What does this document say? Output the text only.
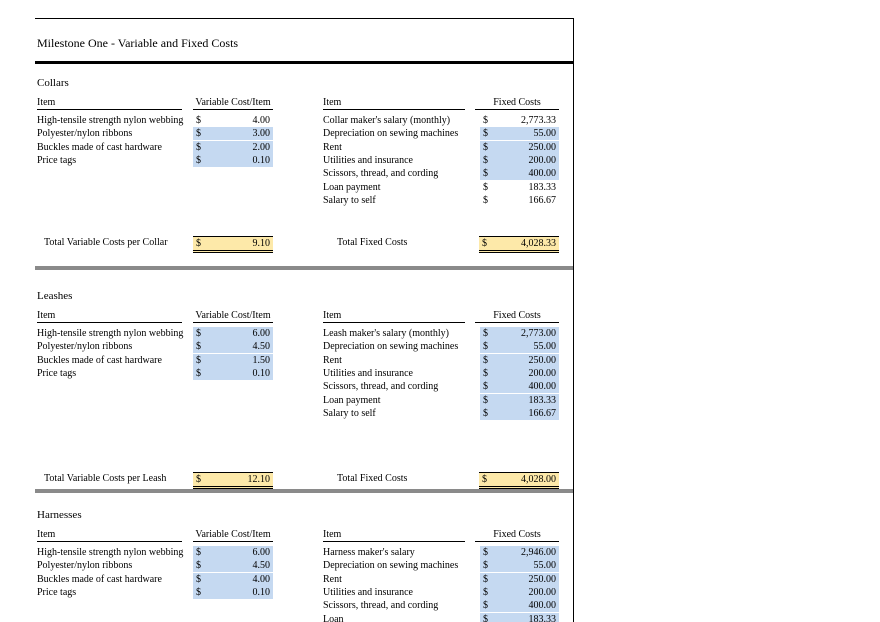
Milestone One - Variable and Fixed Costs
Collars
Item	Variable Cost/Item	Item	Fixed Costs
High-tensile strength nylon webbing	$	4.00
Polyester/nylon ribbons	$	3.00
Buckles made of cast hardware	$	2.00
Price tags	$	0.10
Collar maker's salary (monthly)	$	2,773.33
Depreciation on sewing machines	$	55.00
Rent	$	250.00
Utilities and insurance	$	200.00
Scissors, thread, and cording	$	400.00
Loan payment	$	183.33
Salary to self	$	166.67
Total Variable Costs per Collar	$	9.10	Total Fixed Costs	$	4,028.33
Leashes
Item	Variable Cost/Item	Item	Fixed Costs
High-tensile strength nylon webbing	$	6.00
Polyester/nylon ribbons	$	4.50
Buckles made of cast hardware	$	1.50
Price tags	$	0.10
Leash maker's salary (monthly)	$	2,773.00
Depreciation on sewing machines	$	55.00
Rent	$	250.00
Utilities and insurance	$	200.00
Scissors, thread, and cording	$	400.00
Loan payment	$	183.33
Salary to self	$	166.67
Total Variable Costs per Leash	$	12.10	Total Fixed Costs	$	4,028.00
Harnesses
Item	Variable Cost/Item	Item	Fixed Costs
High-tensile strength nylon webbing	$	6.00
Polyester/nylon ribbons	$	4.50
Buckles made of cast hardware	$	4.00
Price tags	$	0.10
Harness maker's salary	$	2,946.00
Depreciation on sewing machines	$	55.00
Rent	$	250.00
Utilities and insurance	$	200.00
Scissors, thread, and cording	$	400.00
Loan	$	183.33
